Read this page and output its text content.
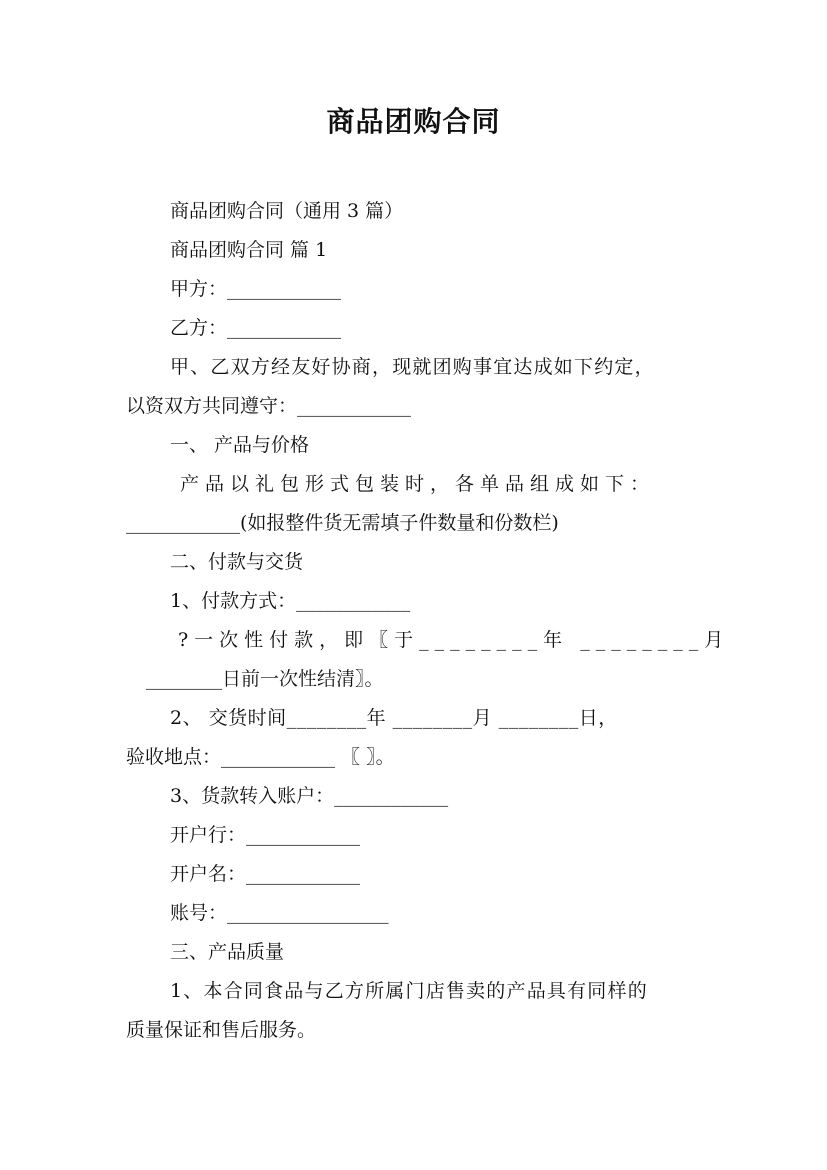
商品团购合同
商品团购合同（通用 3 篇）
商品团购合同 篇 1
甲方：____________
乙方：____________
甲、乙双方经友好协商，现就团购事宜达成如下约定，
以资双方共同遵守：____________
一、 产品与价格
产品以礼包形式包装时，各单品组成如下：
____________(如报整件货无需填子件数量和份数栏)
二、付款与交货
1、付款方式：____________
?一次性付款，即〖于________年 ________月
________日前一次性结清〗。
2、 交货时间________年 ________月 ________日，
验收地点：____________ 〖 〗。
3、货款转入账户：____________
开户行：____________
开户名：____________
账号：_________________
三、产品质量
1、本合同食品与乙方所属门店售卖的产品具有同样的
质量保证和售后服务。
